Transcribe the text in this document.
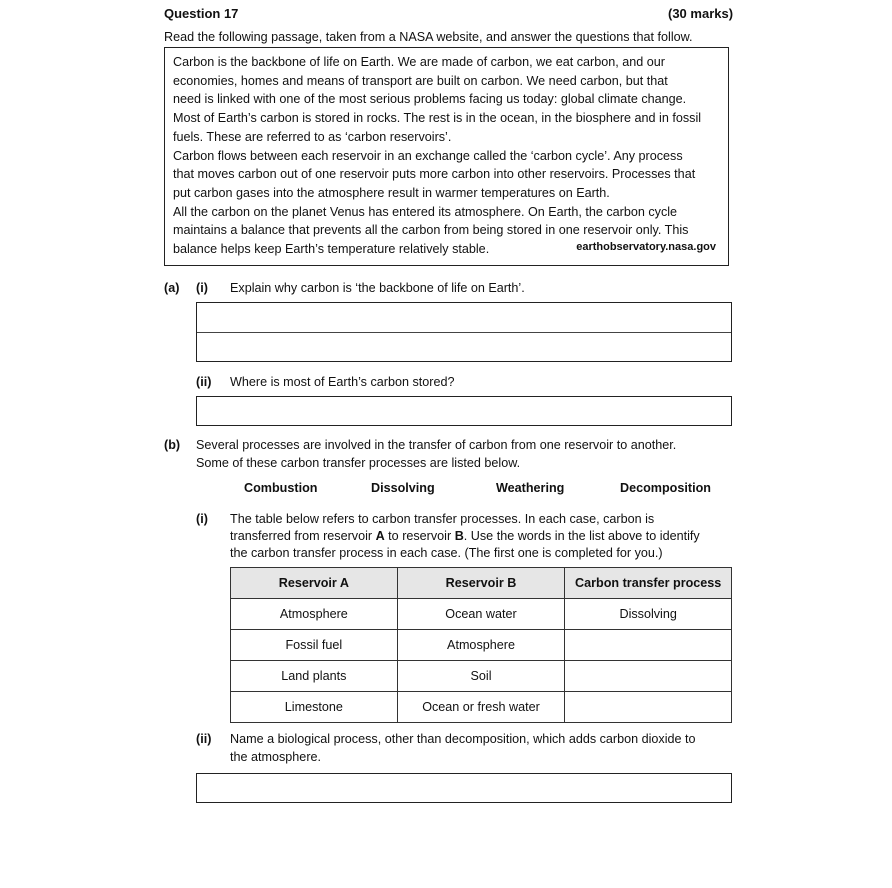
Question 17	(30 marks)
Read the following passage, taken from a NASA website, and answer the questions that follow.

Carbon is the backbone of life on Earth. We are made of carbon, we eat carbon, and our

economies, homes and means of transport are built on carbon. We need carbon, but that

need is linked with one of the most serious problems facing us today: global climate change.

Most of Earth’s carbon is stored in rocks. The rest is in the ocean, in the biosphere and in fossil

fuels. These are referred to as ‘carbon reservoirs’.

Carbon flows between each reservoir in an exchange called the ‘carbon cycle’. Any process

that moves carbon out of one reservoir puts more carbon into other reservoirs. Processes that

put carbon gases into the atmosphere result in warmer temperatures on Earth.

All the carbon on the planet Venus has entered its atmosphere. On Earth, the carbon cycle

maintains a balance that prevents all the carbon from being stored in one reservoir only. This

balance helps keep Earth’s temperature relatively stable.	earthobservatory.nasa.gov
(a) (i) Explain why carbon is ‘the backbone of life on Earth’.
(ii) Where is most of Earth’s carbon stored?
(b) Several processes are involved in the transfer of carbon from one reservoir to another.
Some of these carbon transfer processes are listed below.
Combustion	Dissolving	Weathering	Decomposition
(i) The table below refers to carbon transfer processes. In each case, carbon is
transferred from reservoir A to reservoir B. Use the words in the list above to identify
the carbon transfer process in each case. (The first one is completed for you.)
Reservoir A	Reservoir B	Carbon transfer process
Atmosphere	Ocean water	Dissolving
Fossil fuel	Atmosphere	
Land plants	Soil	
Limestone	Ocean or fresh water	
(ii) Name a biological process, other than decomposition, which adds carbon dioxide to
the atmosphere.
